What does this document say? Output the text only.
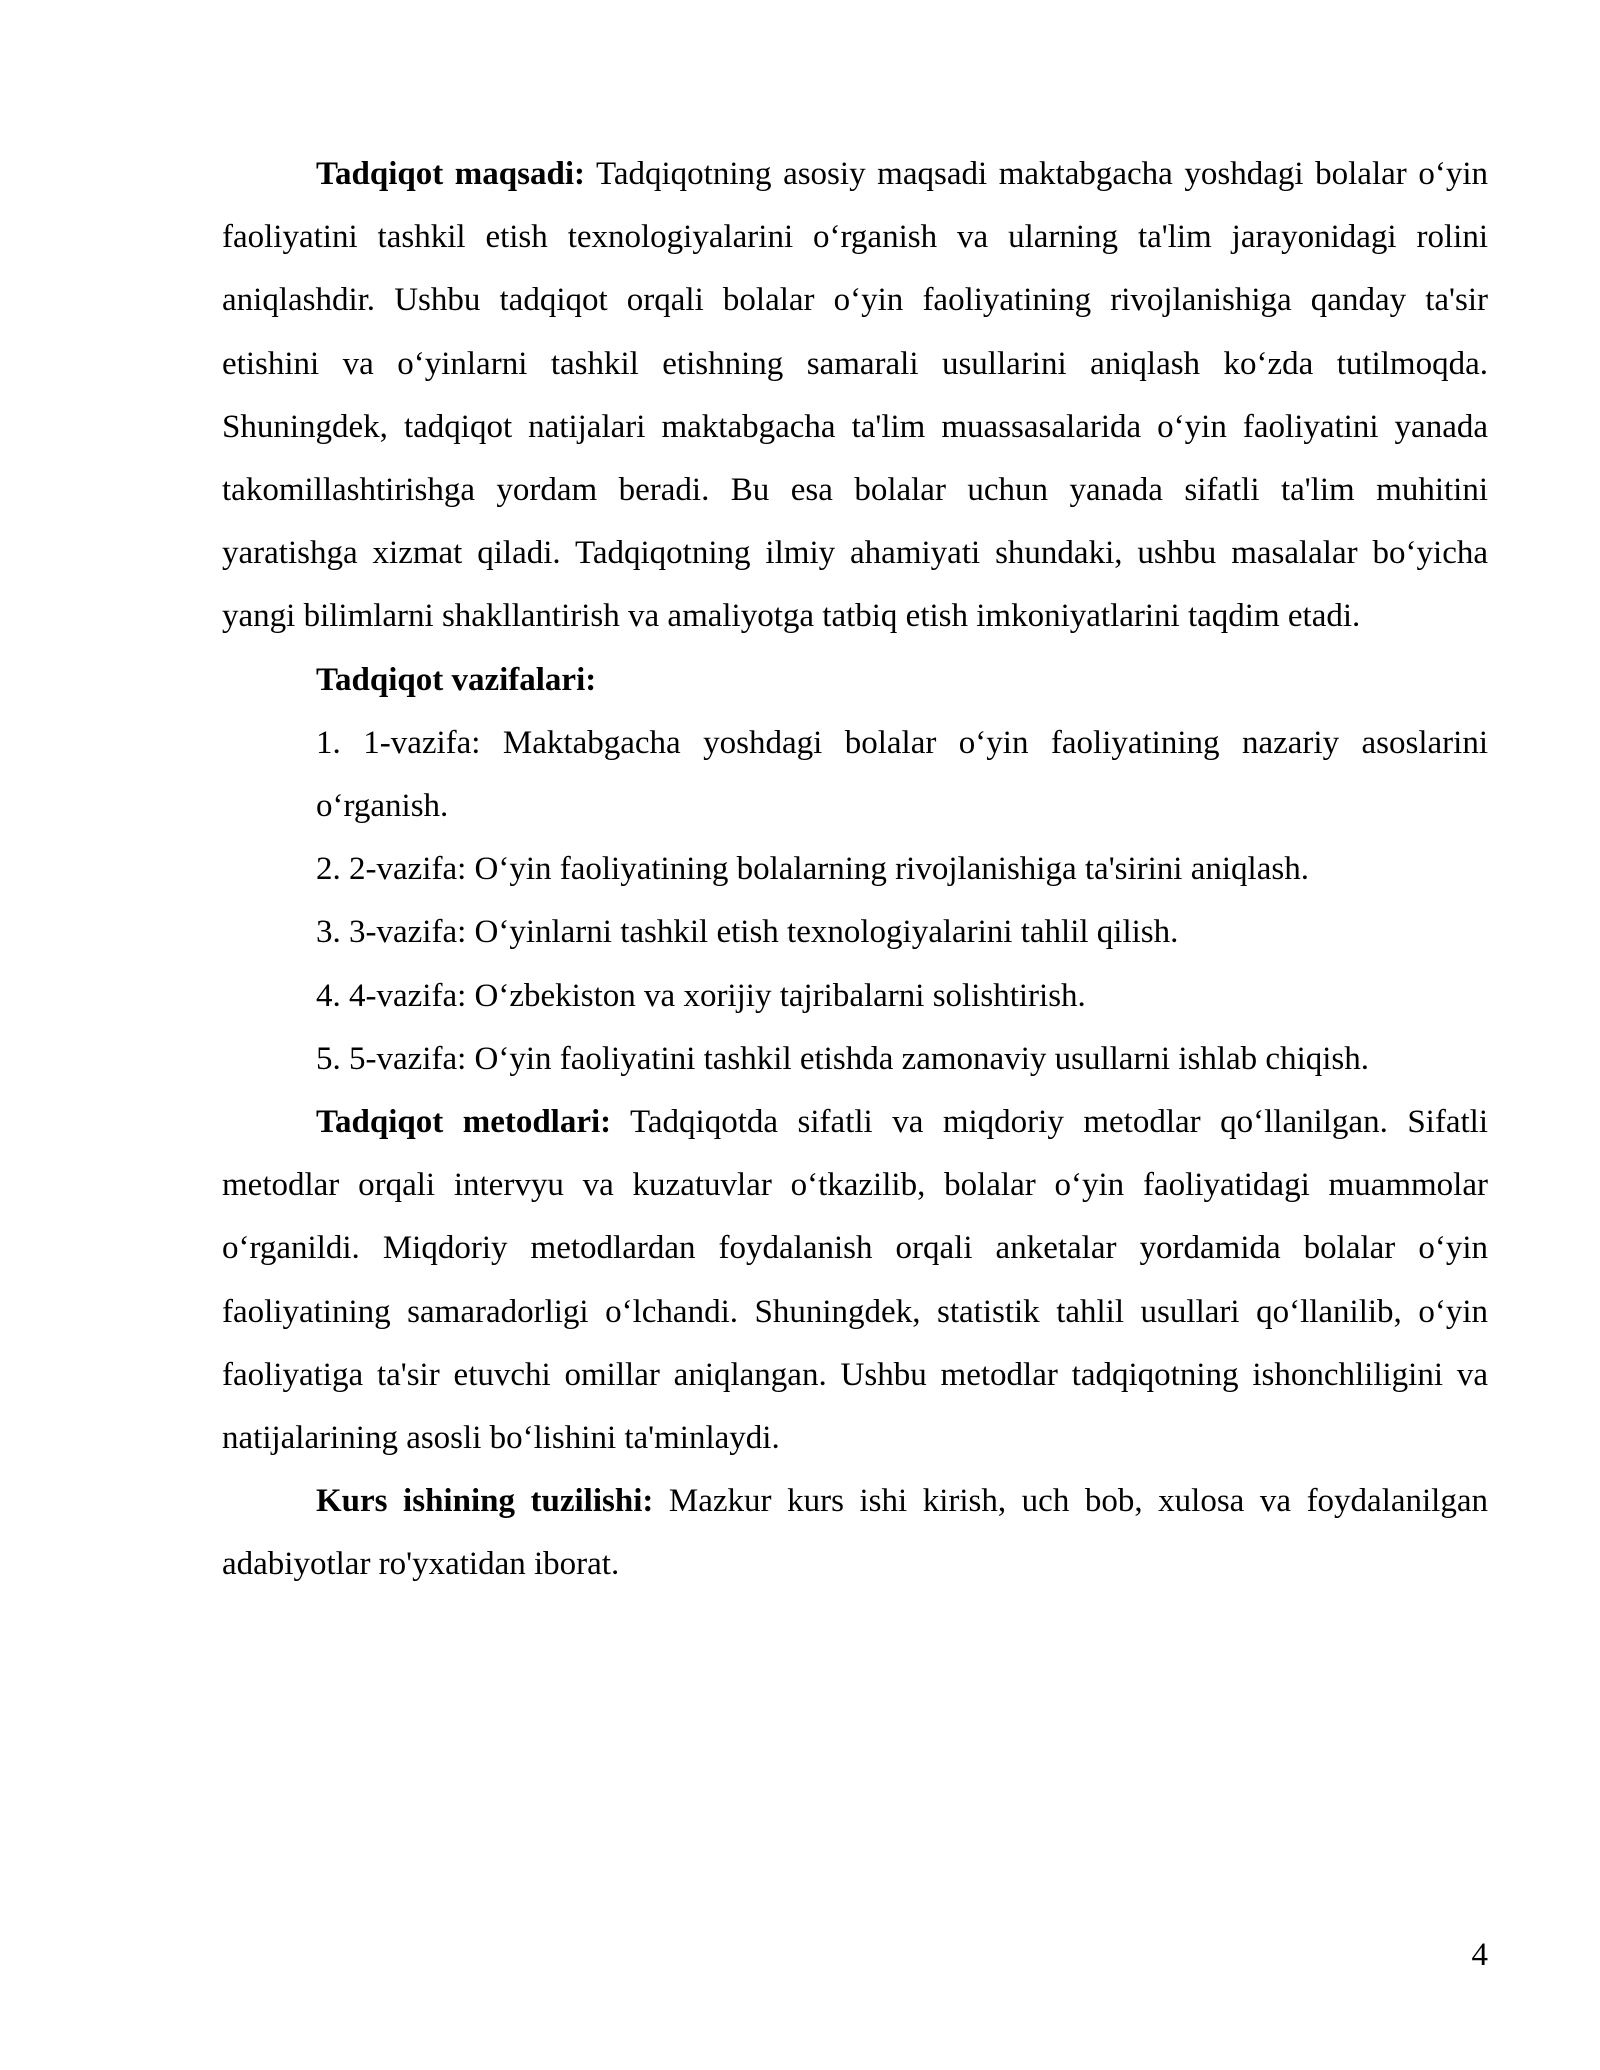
Tadqiqot maqsadi: Tadqiqotning asosiy maqsadi maktabgacha yoshdagi bolalar o‘yin faoliyatini tashkil etish texnologiyalarini o‘rganish va ularning ta'lim jarayonidagi rolini aniqlashdir. Ushbu tadqiqot orqali bolalar o‘yin faoliyatining rivojlanishiga qanday ta'sir etishini va o‘yinlarni tashkil etishning samarali usullarini aniqlash ko‘zda tutilmoqda. Shuningdek, tadqiqot natijalari maktabgacha ta'lim muassasalarida o‘yin faoliyatini yanada takomillashtirishga yordam beradi. Bu esa bolalar uchun yanada sifatli ta'lim muhitini yaratishga xizmat qiladi. Tadqiqotning ilmiy ahamiyati shundaki, ushbu masalalar bo‘yicha yangi bilimlarni shakllantirish va amaliyotga tatbiq etish imkoniyatlarini taqdim etadi.

Tadqiqot vazifalari:

1. 1-vazifa: Maktabgacha yoshdagi bolalar o‘yin faoliyatining nazariy asoslarini o‘rganish.
2. 2-vazifa: O‘yin faoliyatining bolalarning rivojlanishiga ta'sirini aniqlash.
3. 3-vazifa: O‘yinlarni tashkil etish texnologiyalarini tahlil qilish.
4. 4-vazifa: O‘zbekiston va xorijiy tajribalarni solishtirish.
5. 5-vazifa: O‘yin faoliyatini tashkil etishda zamonaviy usullarni ishlab chiqish.

Tadqiqot metodlari: Tadqiqotda sifatli va miqdoriy metodlar qo‘llanilgan. Sifatli metodlar orqali intervyu va kuzatuvlar o‘tkazilib, bolalar o‘yin faoliyatidagi muammolar o‘rganildi. Miqdoriy metodlardan foydalanish orqali anketalar yordamida bolalar o‘yin faoliyatining samaradorligi o‘lchandi. Shuningdek, statistik tahlil usullari qo‘llanilib, o‘yin faoliyatiga ta'sir etuvchi omillar aniqlangan. Ushbu metodlar tadqiqotning ishonchliligini va natijalarining asosli bo‘lishini ta'minlaydi.

Kurs ishining tuzilishi: Mazkur kurs ishi kirish, uch bob, xulosa va foydalanilgan adabiyotlar ro'yxatidan iborat.

4
